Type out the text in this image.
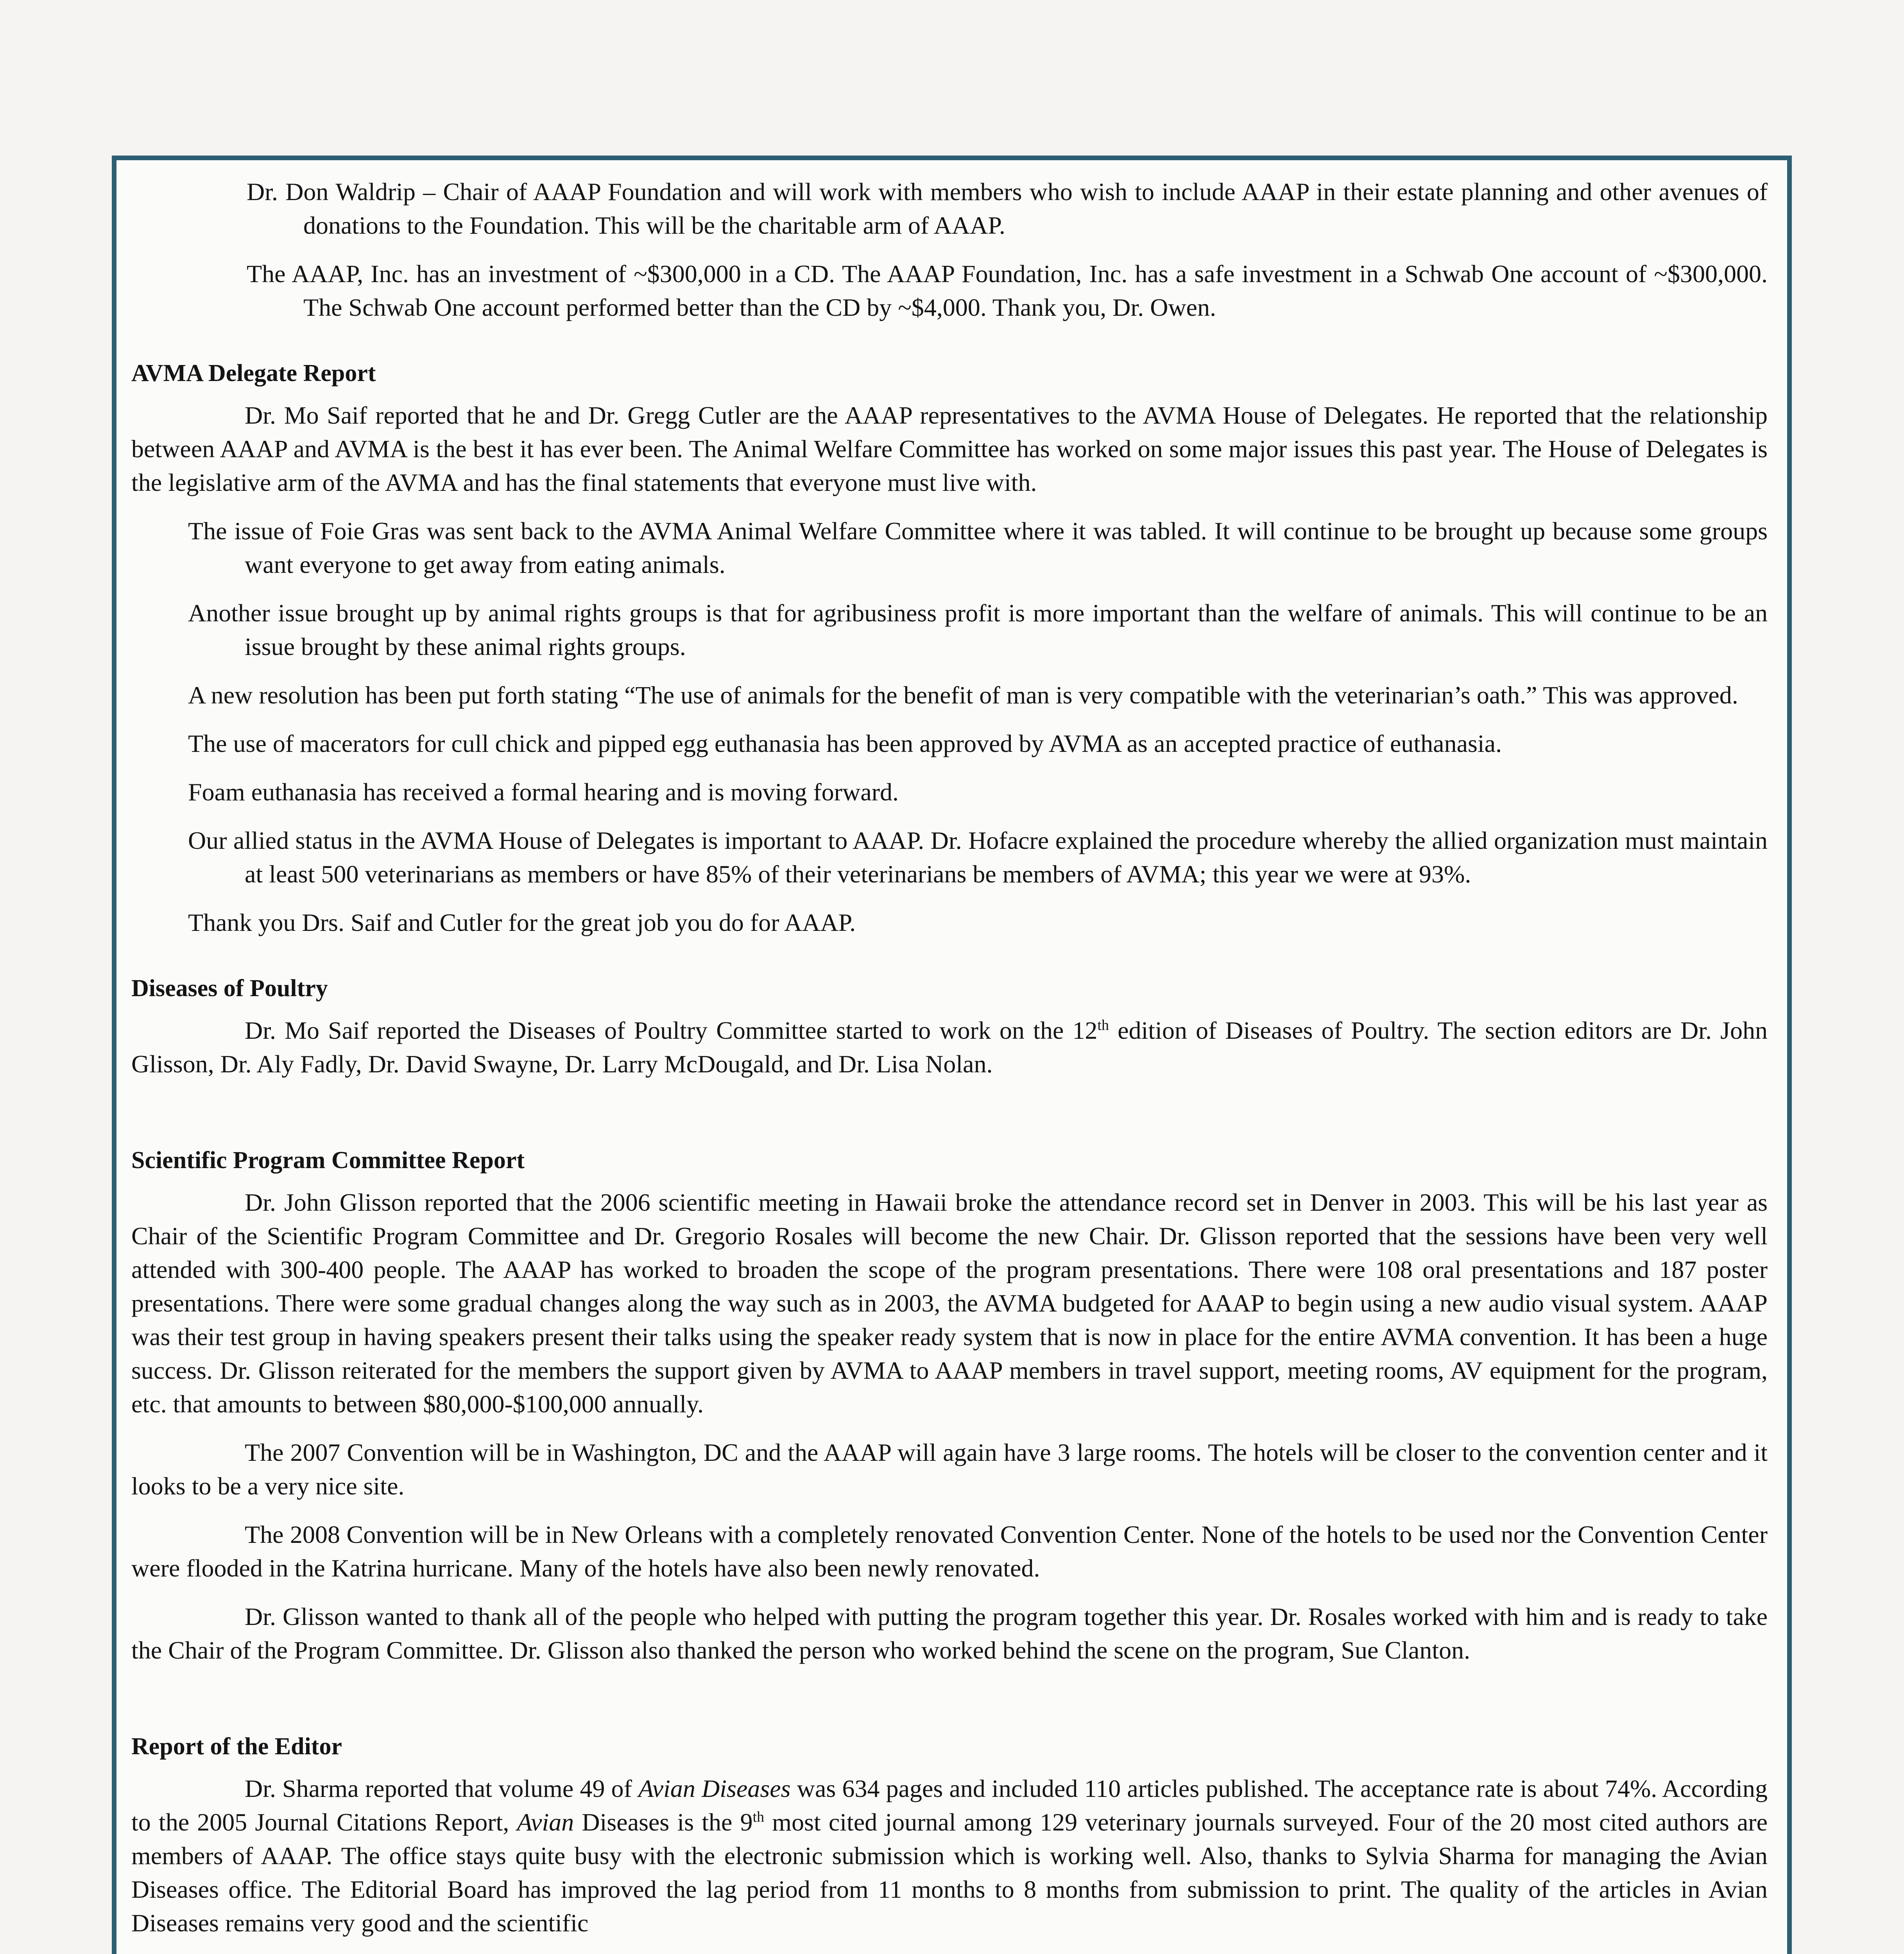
Dr. Don Waldrip – Chair of AAAP Foundation and will work with members who wish to include AAAP in their estate planning and other avenues of donations to the Foundation. This will be the charitable arm of AAAP.

The AAAP, Inc. has an investment of ~$300,000 in a CD. The AAAP Foundation, Inc. has a safe investment in a Schwab One account of ~$300,000. The Schwab One account performed better than the CD by ~$4,000. Thank you, Dr. Owen.

AVMA Delegate Report

Dr. Mo Saif reported that he and Dr. Gregg Cutler are the AAAP representatives to the AVMA House of Delegates. He reported that the relationship between AAAP and AVMA is the best it has ever been. The Animal Welfare Committee has worked on some major issues this past year. The House of Delegates is the legislative arm of the AVMA and has the final statements that everyone must live with.

The issue of Foie Gras was sent back to the AVMA Animal Welfare Committee where it was tabled. It will continue to be brought up because some groups want everyone to get away from eating animals.

Another issue brought up by animal rights groups is that for agribusiness profit is more important than the welfare of animals. This will continue to be an issue brought by these animal rights groups.

A new resolution has been put forth stating “The use of animals for the benefit of man is very compatible with the veterinarian’s oath.” This was approved.

The use of macerators for cull chick and pipped egg euthanasia has been approved by AVMA as an accepted practice of euthanasia.

Foam euthanasia has received a formal hearing and is moving forward.

Our allied status in the AVMA House of Delegates is important to AAAP. Dr. Hofacre explained the procedure whereby the allied organization must maintain at least 500 veterinarians as members or have 85% of their veterinarians be members of AVMA; this year we were at 93%.

Thank you Drs. Saif and Cutler for the great job you do for AAAP.

Diseases of Poultry

Dr. Mo Saif reported the Diseases of Poultry Committee started to work on the 12th edition of Diseases of Poultry. The section editors are Dr. John Glisson, Dr. Aly Fadly, Dr. David Swayne, Dr. Larry McDougald, and Dr. Lisa Nolan.

Scientific Program Committee Report

Dr. John Glisson reported that the 2006 scientific meeting in Hawaii broke the attendance record set in Denver in 2003. This will be his last year as Chair of the Scientific Program Committee and Dr. Gregorio Rosales will become the new Chair. Dr. Glisson reported that the sessions have been very well attended with 300-400 people. The AAAP has worked to broaden the scope of the program presentations. There were 108 oral presentations and 187 poster presentations. There were some gradual changes along the way such as in 2003, the AVMA budgeted for AAAP to begin using a new audio visual system. AAAP was their test group in having speakers present their talks using the speaker ready system that is now in place for the entire AVMA convention. It has been a huge success. Dr. Glisson reiterated for the members the support given by AVMA to AAAP members in travel support, meeting rooms, AV equipment for the program, etc. that amounts to between $80,000-$100,000 annually.

The 2007 Convention will be in Washington, DC and the AAAP will again have 3 large rooms. The hotels will be closer to the convention center and it looks to be a very nice site.

The 2008 Convention will be in New Orleans with a completely renovated Convention Center. None of the hotels to be used nor the Convention Center were flooded in the Katrina hurricane. Many of the hotels have also been newly renovated.

Dr. Glisson wanted to thank all of the people who helped with putting the program together this year. Dr. Rosales worked with him and is ready to take the Chair of the Program Committee. Dr. Glisson also thanked the person who worked behind the scene on the program, Sue Clanton.

Report of the Editor

Dr. Sharma reported that volume 49 of Avian Diseases was 634 pages and included 110 articles published. The acceptance rate is about 74%. According to the 2005 Journal Citations Report, Avian Diseases is the 9th most cited journal among 129 veterinary journals surveyed. Four of the 20 most cited authors are members of AAAP. The office stays quite busy with the electronic submission which is working well. Also, thanks to Sylvia Sharma for managing the Avian Diseases office. The Editorial Board has improved the lag period from 11 months to 8 months from submission to print. The quality of the articles in Avian Diseases remains very good and the scientific
